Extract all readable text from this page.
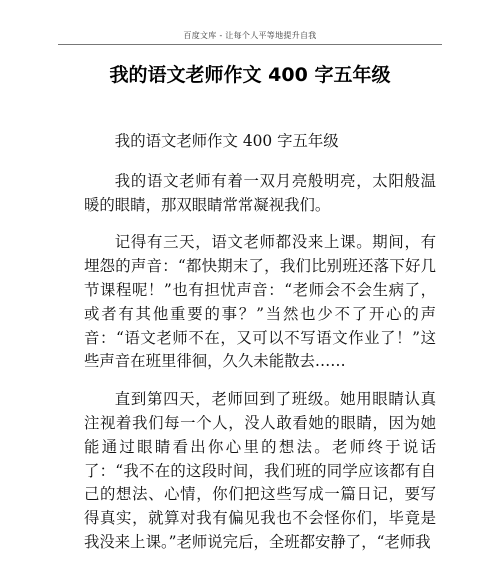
百度文库 - 让每个人平等地提升自我
我的语文老师作文 400 字五年级

我的语文老师作文 400 字五年级

我的语文老师有着一双月亮般明亮，太阳般温暖的眼睛，那双眼睛常常凝视我们。

记得有三天，语文老师都没来上课。期间，有埋怨的声音：“都快期末了，我们比别班还落下好几节课程呢！”也有担忧声音：“老师会不会生病了，或者有其他重要的事？”当然也少不了开心的声音：“语文老师不在，又可以不写语文作业了！”这些声音在班里徘徊，久久未能散去……

直到第四天，老师回到了班级。她用眼睛认真注视着我们每一个人，没人敢看她的眼睛，因为她能通过眼睛看出你心里的想法。老师终于说话了：“我不在的这段时间，我们班的同学应该都有自己的想法、心情，你们把这些写成一篇日记，要写得真实，就算对我有偏见我也不会怪你们，毕竟是我没来上课。”老师说完后，全班都安静了，“老师我
